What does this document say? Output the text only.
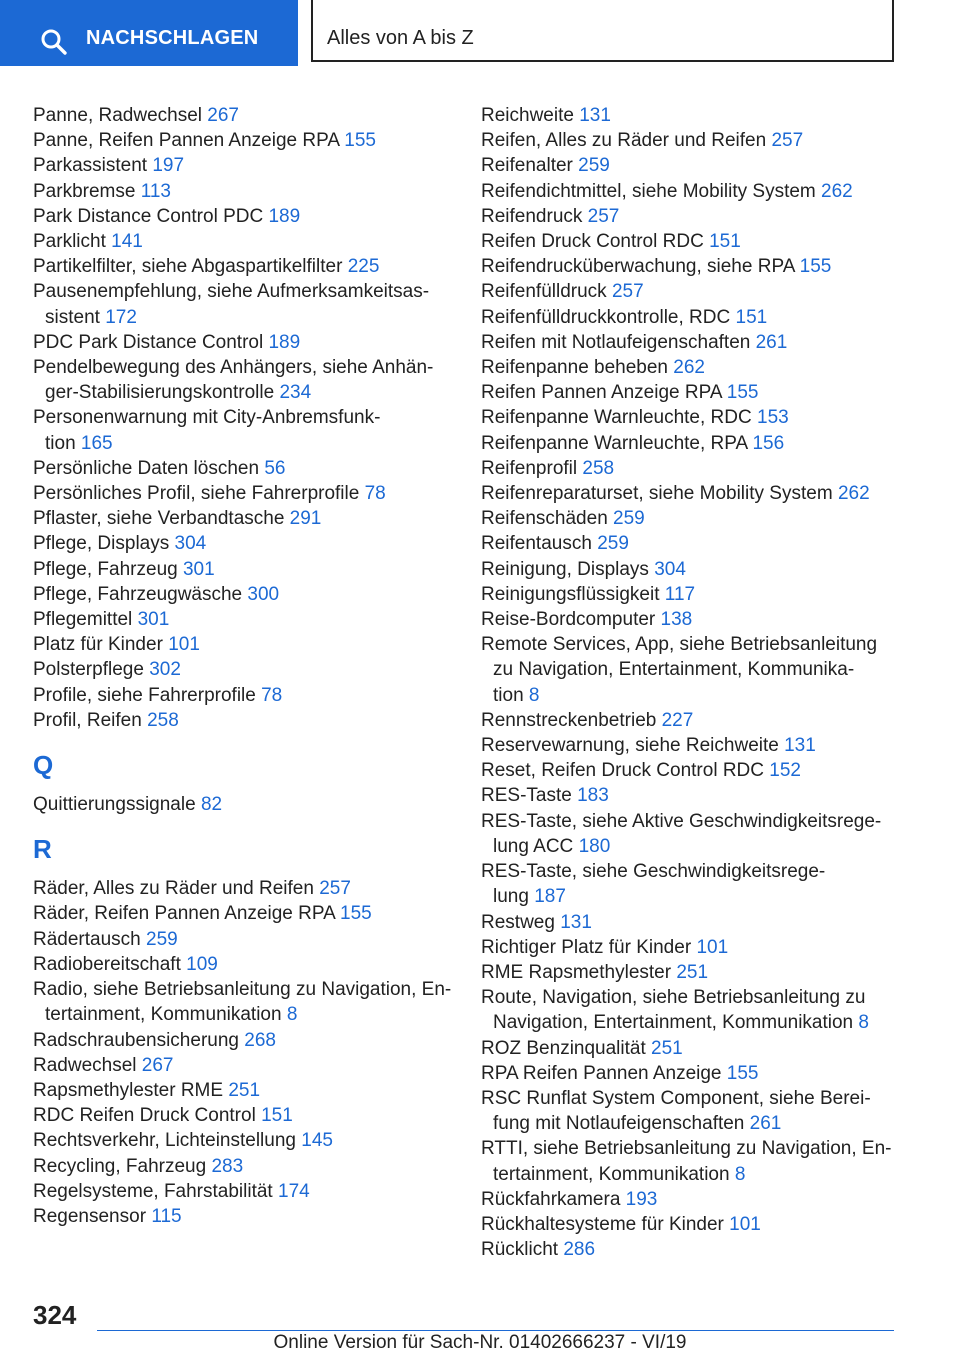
NACHSCHLAGEN	Alles von A bis Z
Panne, Radwechsel 267
Panne, Reifen Pannen Anzeige RPA 155
Parkassistent 197
Parkbremse 113
Park Distance Control PDC 189
Parklicht 141
Partikelfilter, siehe Abgaspartikelfilter 225
Pausenempfehlung, siehe Aufmerksamkeitsas-
sistent 172
PDC Park Distance Control 189
Pendelbewegung des Anhängers, siehe Anhän-
ger-Stabilisierungskontrolle 234
Personenwarnung mit City-Anbremsfunk-
tion 165
Persönliche Daten löschen 56
Persönliches Profil, siehe Fahrerprofile 78
Pflaster, siehe Verbandtasche 291
Pflege, Displays 304
Pflege, Fahrzeug 301
Pflege, Fahrzeugwäsche 300
Pflegemittel 301
Platz für Kinder 101
Polsterpflege 302
Profile, siehe Fahrerprofile 78
Profil, Reifen 258
Q
Quittierungssignale 82
R
Räder, Alles zu Räder und Reifen 257
Räder, Reifen Pannen Anzeige RPA 155
Rädertausch 259
Radiobereitschaft 109
Radio, siehe Betriebsanleitung zu Navigation, En-
tertainment, Kommunikation 8
Radschraubensicherung 268
Radwechsel 267
Rapsmethylester RME 251
RDC Reifen Druck Control 151
Rechtsverkehr, Lichteinstellung 145
Recycling, Fahrzeug 283
Regelsysteme, Fahrstabilität 174
Regensensor 115
Reichweite 131
Reifen, Alles zu Räder und Reifen 257
Reifenalter 259
Reifendichtmittel, siehe Mobility System 262
Reifendruck 257
Reifen Druck Control RDC 151
Reifendrucküberwachung, siehe RPA 155
Reifenfülldruck 257
Reifenfülldruckkontrolle, RDC 151
Reifen mit Notlaufeigenschaften 261
Reifenpanne beheben 262
Reifen Pannen Anzeige RPA 155
Reifenpanne Warnleuchte, RDC 153
Reifenpanne Warnleuchte, RPA 156
Reifenprofil 258
Reifenreparaturset, siehe Mobility System 262
Reifenschäden 259
Reifentausch 259
Reinigung, Displays 304
Reinigungsflüssigkeit 117
Reise-Bordcomputer 138
Remote Services, App, siehe Betriebsanleitung
zu Navigation, Entertainment, Kommunika-
tion 8
Rennstreckenbetrieb 227
Reservewarnung, siehe Reichweite 131
Reset, Reifen Druck Control RDC 152
RES-Taste 183
RES-Taste, siehe Aktive Geschwindigkeitsrege-
lung ACC 180
RES-Taste, siehe Geschwindigkeitsrege-
lung 187
Restweg 131
Richtiger Platz für Kinder 101
RME Rapsmethylester 251
Route, Navigation, siehe Betriebsanleitung zu
Navigation, Entertainment, Kommunikation 8
ROZ Benzinqualität 251
RPA Reifen Pannen Anzeige 155
RSC Runflat System Component, siehe Berei-
fung mit Notlaufeigenschaften 261
RTTI, siehe Betriebsanleitung zu Navigation, En-
tertainment, Kommunikation 8
Rückfahrkamera 193
Rückhaltesysteme für Kinder 101
Rücklicht 286
324
Online Version für Sach-Nr. 01402666237 - VI/19
